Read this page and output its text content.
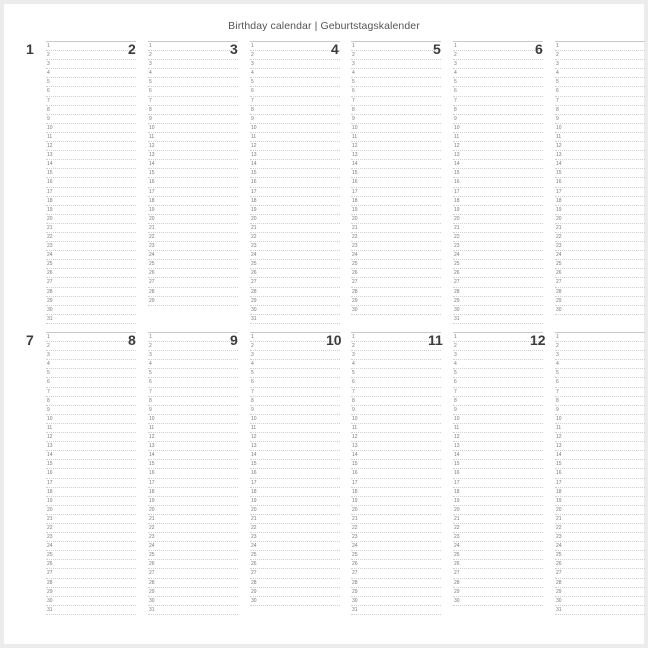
Birthday calendar | Geburtstagskalender
1	1
2
3
4
5
6
7
8
9
10
11
12
13
14
15
16
17
18
19
20
21
22
23
24
25
26
27
28
29
30
31
2	1
2
3
4
5
6
7
8
9
10
11
12
13
14
15
16
17
18
19
20
21
22
23
24
25
26
27
28
29
3	1
2
3
4
5
6
7
8
9
10
11
12
13
14
15
16
17
18
19
20
21
22
23
24
25
26
27
28
29
30
31
4	1
2
3
4
5
6
7
8
9
10
11
12
13
14
15
16
17
18
19
20
21
22
23
24
25
26
27
28
29
30
5	1
2
3
4
5
6
7
8
9
10
11
12
13
14
15
16
17
18
19
20
21
22
23
24
25
26
27
28
29
30
31
6	1
2
3
4
5
6
7
8
9
10
11
12
13
14
15
16
17
18
19
20
21
22
23
24
25
26
27
28
29
30
7	1
2
3
4
5
6
7
8
9
10
11
12
13
14
15
16
17
18
19
20
21
22
23
24
25
26
27
28
29
30
31
8	1
2
3
4
5
6
7
8
9
10
11
12
13
14
15
16
17
18
19
20
21
22
23
24
25
26
27
28
29
30
31
9	1
2
3
4
5
6
7
8
9
10
11
12
13
14
15
16
17
18
19
20
21
22
23
24
25
26
27
28
29
30
10 1
2
3
4
5
6
7
8
9
10
11
12
13
14
15
16
17
18
19
20
21
22
23
24
25
26
27
28
29
30
31
11 1
2
3
4
5
6
7
8
9
10
11
12
13
14
15
16
17
18
19
20
21
22
23
24
25
26
27
28
29
30
12 1
2
3
4
5
6
7
8
9
10
11
12
13
14
15
16
17
18
19
20
21
22
23
24
25
26
27
28
29
30
31
